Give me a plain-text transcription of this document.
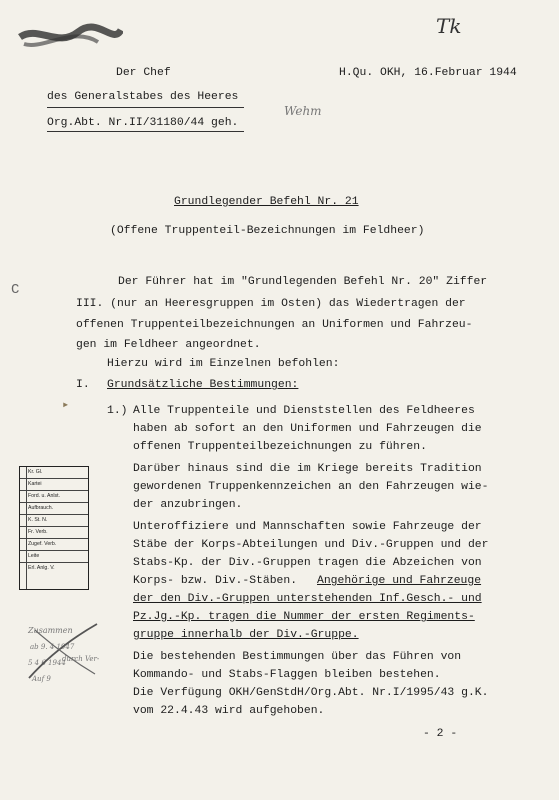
Tk
Der Chef	H.Qu. OKH, 16.Februar 1944
des Generalstabes des Heeres
Wehm
Org.Abt. Nr.II/31180/44 geh.
Grundlegender Befehl Nr. 21
(Offene Truppenteil-Bezeichnungen im Feldheer)
C
▸
Der Führer hat im "Grundlegenden Befehl Nr. 20" Ziffer
III. (nur an Heeresgruppen im Osten) das Wiedertragen der
offenen Truppenteilbezeichnungen an Uniformen und Fahrzeu-
gen im Feldheer angeordnet.
Hierzu wird im Einzelnen befohlen:
I. Grundsätzliche Bestimmungen:
1.) Alle Truppenteile und Dienststellen des Feldheeres
haben ab sofort an den Uniformen und Fahrzeugen die
offenen Truppenteilbezeichnungen zu führen.
Darüber hinaus sind die im Kriege bereits Tradition
gewordenen Truppenkennzeichen an den Fahrzeugen wie-
der anzubringen.
Unteroffiziere und Mannschaften sowie Fahrzeuge der
Stäbe der Korps-Abteilungen und Div.-Gruppen und der
Stabs-Kp. der Div.-Gruppen tragen die Abzeichen von
Korps- bzw. Div.-Stäben. Angehörige und Fahrzeuge
der den Div.-Gruppen unterstehenden Inf.Gesch.- und
Pz.Jg.-Kp. tragen die Nummer der ersten Regiments-
gruppe innerhalb der Div.-Gruppe.
Die bestehenden Bestimmungen über das Führen von
Kommando- und Stabs-Flaggen bleiben bestehen.
Die Verfügung OKH/GenStdH/Org.Abt. Nr.I/1995/43 g.K.
vom 22.4.43 wird aufgehoben.
- 2 -
Kr. Gl.
Kartei
Ford. u. Anlst.
Aufbrauch.
K. St. N.
Fr. Verb.
Zugef. Verb.
Leite
Erl. Anlg. V.
Zusammen
ab 9. 4 1947
5 4 6 1944
durch Ver-
Auf 9
